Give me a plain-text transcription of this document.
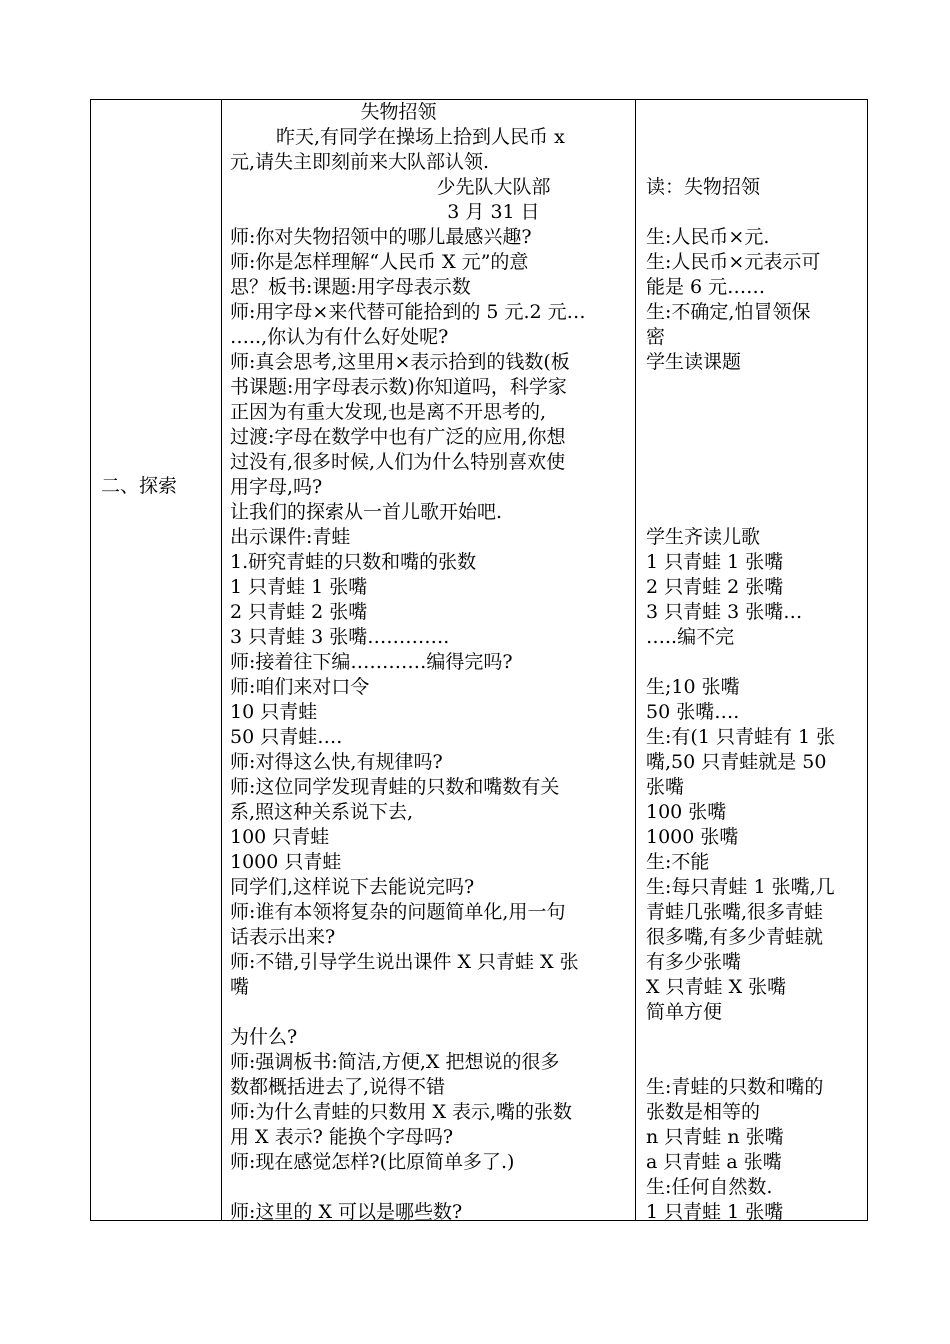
二、探索

失物招领
昨天,有同学在操场上拾到人民币 x
元,请失主即刻前来大队部认领.
少先队大队部
3 月 31 日
师:你对失物招领中的哪儿最感兴趣?
师:你是怎样理解“人民币 X 元”的意
思？板书:课题:用字母表示数
师:用字母×来代替可能拾到的 5 元.2 元…
…..,你认为有什么好处呢?
师:真会思考,这里用×表示拾到的钱数(板
书课题:用字母表示数)你知道吗，科学家
正因为有重大发现,也是离不开思考的,
过渡:字母在数学中也有广泛的应用,你想
过没有,很多时候,人们为什么特别喜欢使
用字母,吗?
让我们的探索从一首儿歌开始吧.
出示课件:青蛙
1.研究青蛙的只数和嘴的张数
1 只青蛙 1 张嘴
2 只青蛙 2 张嘴
3 只青蛙 3 张嘴………….
师:接着往下编…………编得完吗?
师:咱们来对口令
10 只青蛙
50 只青蛙….
师:对得这么快,有规律吗?
师:这位同学发现青蛙的只数和嘴数有关
系,照这种关系说下去,
100 只青蛙
1000 只青蛙
同学们,这样说下去能说完吗?
师:谁有本领将复杂的问题简单化,用一句
话表示出来?
师:不错,引导学生说出课件 X 只青蛙 X 张
嘴
为什么?
师:强调板书:简洁,方便,X 把想说的很多
数都概括进去了,说得不错
师:为什么青蛙的只数用 X 表示,嘴的张数
用 X 表示? 能换个字母吗?
师:现在感觉怎样?(比原简单多了.)
师:这里的 X 可以是哪些数?

读：失物招领
生:人民币×元.
生:人民币×元表示可
能是 6 元……
生:不确定,怕冒领保
密
学生读课题
学生齐读儿歌
1 只青蛙 1 张嘴
2 只青蛙 2 张嘴
3 只青蛙 3 张嘴…
…..编不完
生;10 张嘴
50 张嘴….
生:有(1 只青蛙有 1 张
嘴,50 只青蛙就是 50
张嘴
100 张嘴
1000 张嘴
生:不能
生:每只青蛙 1 张嘴,几
青蛙几张嘴,很多青蛙
很多嘴,有多少青蛙就
有多少张嘴
X 只青蛙 X 张嘴
简单方便
生:青蛙的只数和嘴的
张数是相等的
n 只青蛙 n 张嘴
a 只青蛙 a 张嘴
生:任何自然数.
1 只青蛙 1 张嘴
